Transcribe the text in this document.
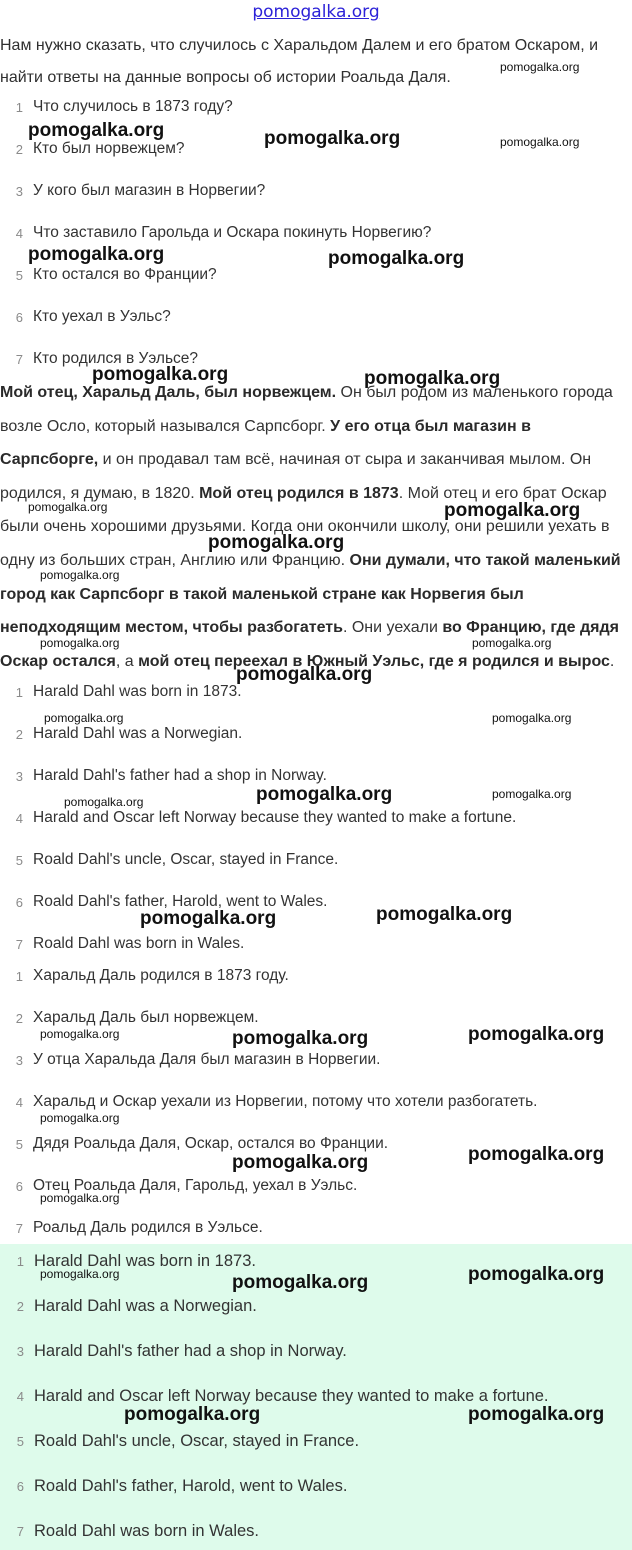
pomogalka.org

Нам нужно сказать, что случилось с Харальдом Далем и его братом Оскаром, и найти ответы на данные вопросы об истории Роальда Даля.

1 Что случилось в 1873 году?
2 Кто был норвежцем?
3 У кого был магазин в Норвегии?
4 Что заставило Гарольда и Оскара покинуть Норвегию?
5 Кто остался во Франции?
6 Кто уехал в Уэльс?
7 Кто родился в Уэльсе?

Мой отец, Харальд Даль, был норвежцем. Он был родом из маленького города возле Осло, который назывался Сарпсборг. У его отца был магазин в Сарпсборге, и он продавал там всё, начиная от сыра и заканчивая мылом. Он родился, я думаю, в 1820. Мой отец родился в 1873. Мой отец и его брат Оскар были очень хорошими друзьями. Когда они окончили школу, они решили уехать в одну из больших стран, Англию или Францию. Они думали, что такой маленький город как Сарпсборг в такой маленькой стране как Норвегия был неподходящим местом, чтобы разбогатеть. Они уехали во Францию, где дядя Оскар остался, а мой отец переехал в Южный Уэльс, где я родился и вырос.

1 Harald Dahl was born in 1873.
2 Harald Dahl was a Norwegian.
3 Harald Dahl's father had a shop in Norway.
4 Harald and Oscar left Norway because they wanted to make a fortune.
5 Roald Dahl's uncle, Oscar, stayed in France.
6 Roald Dahl's father, Harold, went to Wales.
7 Roald Dahl was born in Wales.
1 Харальд Даль родился в 1873 году.
2 Харальд Даль был норвежцем.
3 У отца Харальда Даля был магазин в Норвегии.
4 Харальд и Оскар уехали из Норвегии, потому что хотели разбогатеть.
5 Дядя Роальда Даля, Оскар, остался во Франции.
6 Отец Роальда Даля, Гарольд, уехал в Уэльс.
7 Роальд Даль родился в Уэльсе.
1 Harald Dahl was born in 1873.
2 Harald Dahl was a Norwegian.
3 Harald Dahl's father had a shop in Norway.
4 Harald and Oscar left Norway because they wanted to make a fortune.
5 Roald Dahl's uncle, Oscar, stayed in France.
6 Roald Dahl's father, Harold, went to Wales.
7 Roald Dahl was born in Wales.
pomogalka.org
pomogalka.org	pomogalka.org	pomogalka.org
pomogalka.org	pomogalka.org
pomogalka.org	pomogalka.org
pomogalka.org	pomogalka.org
pomogalka.org
pomogalka.org
pomogalka.org	pomogalka.org
pomogalka.org
pomogalka.org	pomogalka.org
pomogalka.org	pomogalka.org	pomogalka.org
pomogalka.org	pomogalka.org
pomogalka.org	pomogalka.org	pomogalka.org
pomogalka.org
pomogalka.org	pomogalka.org
pomogalka.org
pomogalka.org	pomogalka.org	pomogalka.org
pomogalka.org	pomogalka.org
